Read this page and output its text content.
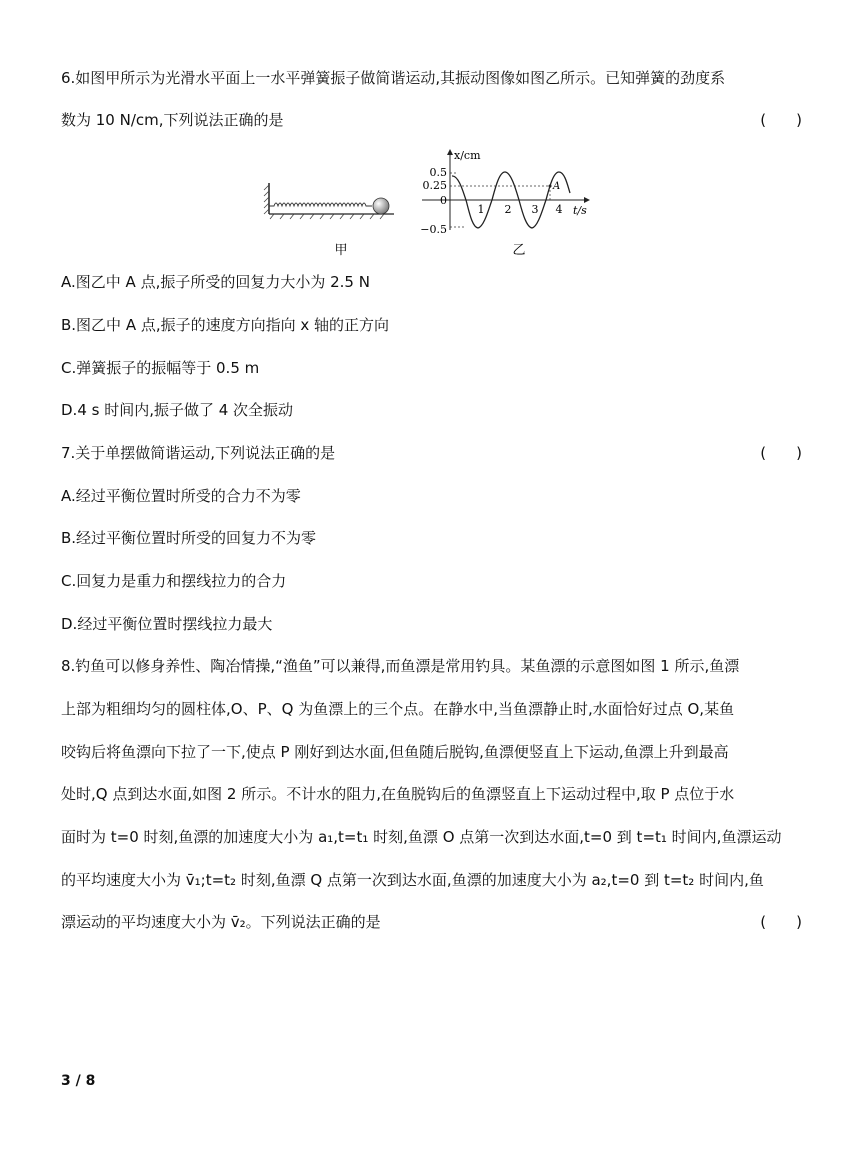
6.如图甲所示为光滑水平面上一水平弹簧振子做简谐运动,其振动图像如图乙所示。已知弹簧的劲度系
数为 10 N/cm,下列说法正确的是	(　　)
甲
x/cm
t/s
0.5
0.25
0
−0.5
1 2 3 4
A
乙
A.图乙中 A 点,振子所受的回复力大小为 2.5 N
B.图乙中 A 点,振子的速度方向指向 x 轴的正方向
C.弹簧振子的振幅等于 0.5 m
D.4 s 时间内,振子做了 4 次全振动
7.关于单摆做简谐运动,下列说法正确的是	(　　)
A.经过平衡位置时所受的合力不为零
B.经过平衡位置时所受的回复力不为零
C.回复力是重力和摆线拉力的合力
D.经过平衡位置时摆线拉力最大
8.钓鱼可以修身养性、陶冶情操,“渔鱼”可以兼得,而鱼漂是常用钓具。某鱼漂的示意图如图 1 所示,鱼漂
上部为粗细均匀的圆柱体,O、P、Q 为鱼漂上的三个点。在静水中,当鱼漂静止时,水面恰好过点 O,某鱼
咬钩后将鱼漂向下拉了一下,使点 P 刚好到达水面,但鱼随后脱钩,鱼漂便竖直上下运动,鱼漂上升到最高
处时,Q 点到达水面,如图 2 所示。不计水的阻力,在鱼脱钩后的鱼漂竖直上下运动过程中,取 P 点位于水
面时为 t=0 时刻,鱼漂的加速度大小为 a₁,t=t₁ 时刻,鱼漂 O 点第一次到达水面,t=0 到 t=t₁ 时间内,鱼漂运动
的平均速度大小为 v̄₁;t=t₂ 时刻,鱼漂 Q 点第一次到达水面,鱼漂的加速度大小为 a₂,t=0 到 t=t₂ 时间内,鱼
漂运动的平均速度大小为 v̄₂。下列说法正确的是	(　　)
3 / 8
